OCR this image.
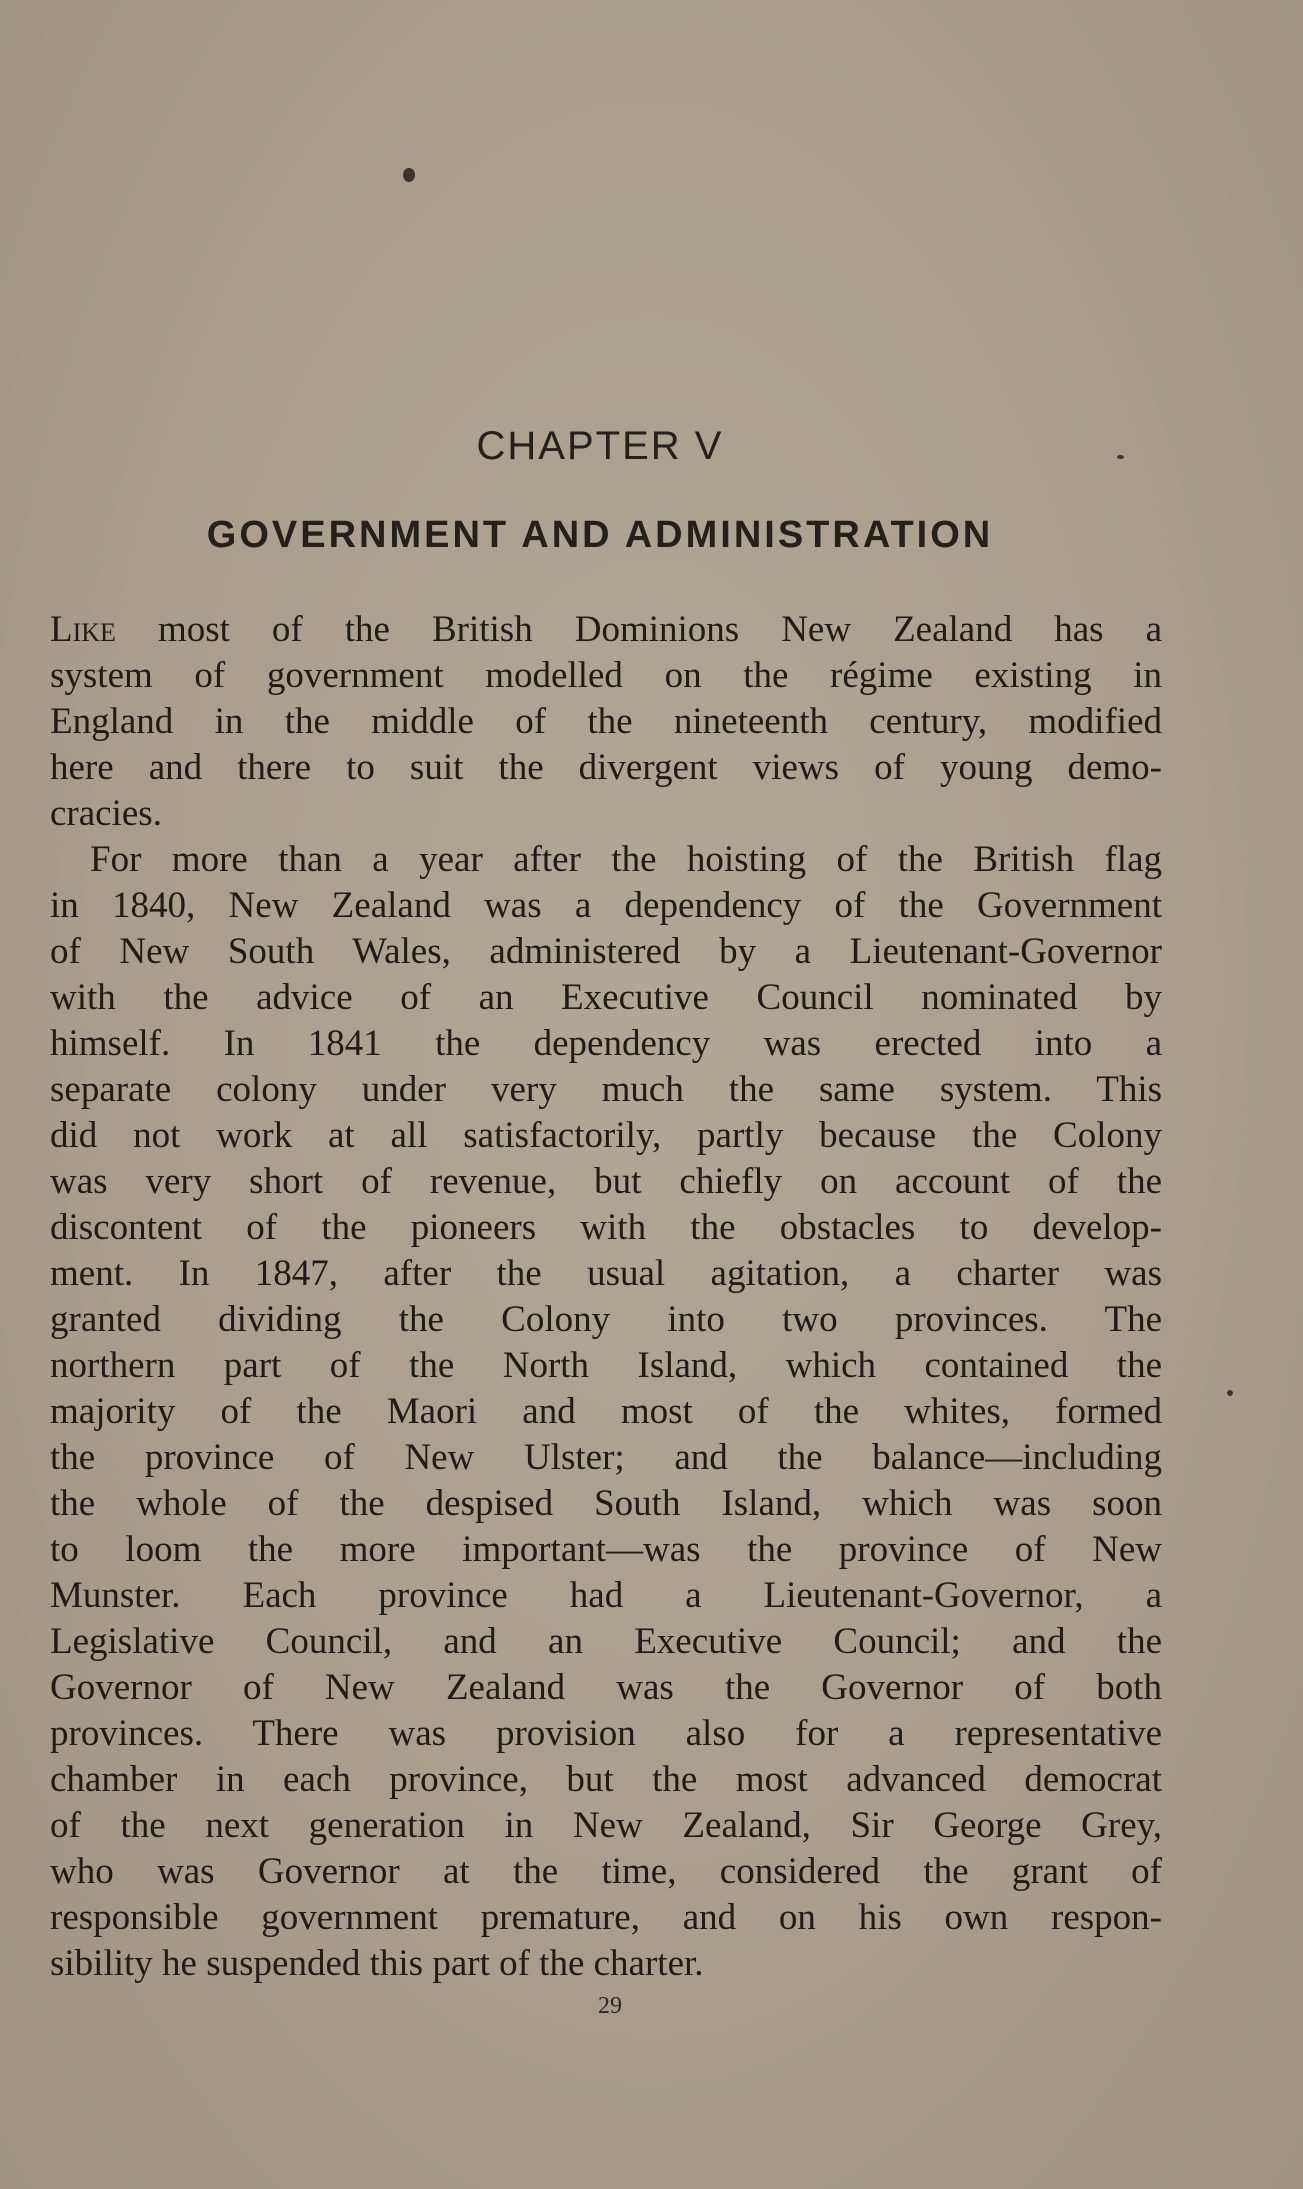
CHAPTER V
GOVERNMENT AND ADMINISTRATION
Like most of the British Dominions New Zealand has a
system of government modelled on the régime existing in
England in the middle of the nineteenth century, modified
here and there to suit the divergent views of young demo-
cracies.
For more than a year after the hoisting of the British flag
in 1840, New Zealand was a dependency of the Government
of New South Wales, administered by a Lieutenant-Governor
with the advice of an Executive Council nominated by
himself. In 1841 the dependency was erected into a
separate colony under very much the same system. This
did not work at all satisfactorily, partly because the Colony
was very short of revenue, but chiefly on account of the
discontent of the pioneers with the obstacles to develop-
ment. In 1847, after the usual agitation, a charter was
granted dividing the Colony into two provinces. The
northern part of the North Island, which contained the
majority of the Maori and most of the whites, formed
the province of New Ulster; and the balance—including
the whole of the despised South Island, which was soon
to loom the more important—was the province of New
Munster. Each province had a Lieutenant-Governor, a
Legislative Council, and an Executive Council; and the
Governor of New Zealand was the Governor of both
provinces. There was provision also for a representative
chamber in each province, but the most advanced democrat
of the next generation in New Zealand, Sir George Grey,
who was Governor at the time, considered the grant of
responsible government premature, and on his own respon-
sibility he suspended this part of the charter.
29
